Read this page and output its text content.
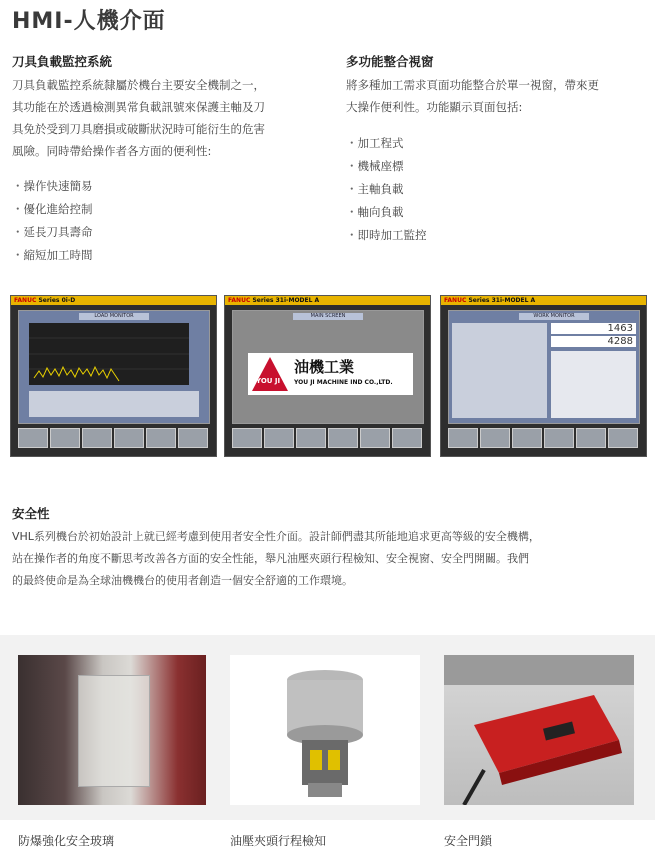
HMI-人機介面
刀具負載監控系統
刀具負載監控系統隸屬於機台主要安全機制之一，
其功能在於透過檢測異常負載訊號來保護主軸及刀
具免於受到刀具磨損或破斷狀況時可能衍生的危害
風險。同時帶給操作者各方面的便利性:
・ 操作快速簡易
・ 優化進給控制
・ 延長刀具壽命
・ 縮短加工時間
多功能整合視窗
將多種加工需求頁面功能整合於單一視窗，帶來更
大操作便利性。功能顯示頁面包括:
・ 加工程式
・ 機械座標
・ 主軸負載
・ 軸向負載
・ 即時加工監控
FANUC Series 0i-D
LOAD MONITOR
FANUC Series 31i-MODEL A
MAIN SCREEN
YOU JI
油機工業
YOU JI MACHINE IND CO.,LTD.
FANUC Series 31i-MODEL A
WORK MONITOR
1463
4288
安全性
VHL系列機台於初始設計上就已經考慮到使用者安全性介面。設計師們盡其所能地追求更高等級的安全機構，
站在操作者的角度不斷思考改善各方面的安全性能，舉凡油壓夾頭行程檢知、安全視窗、安全門開關。我們
的最終使命是為全球油機機台的使用者創造一個安全舒適的工作環境。
防爆強化安全玻璃	油壓夾頭行程檢知	安全門鎖
